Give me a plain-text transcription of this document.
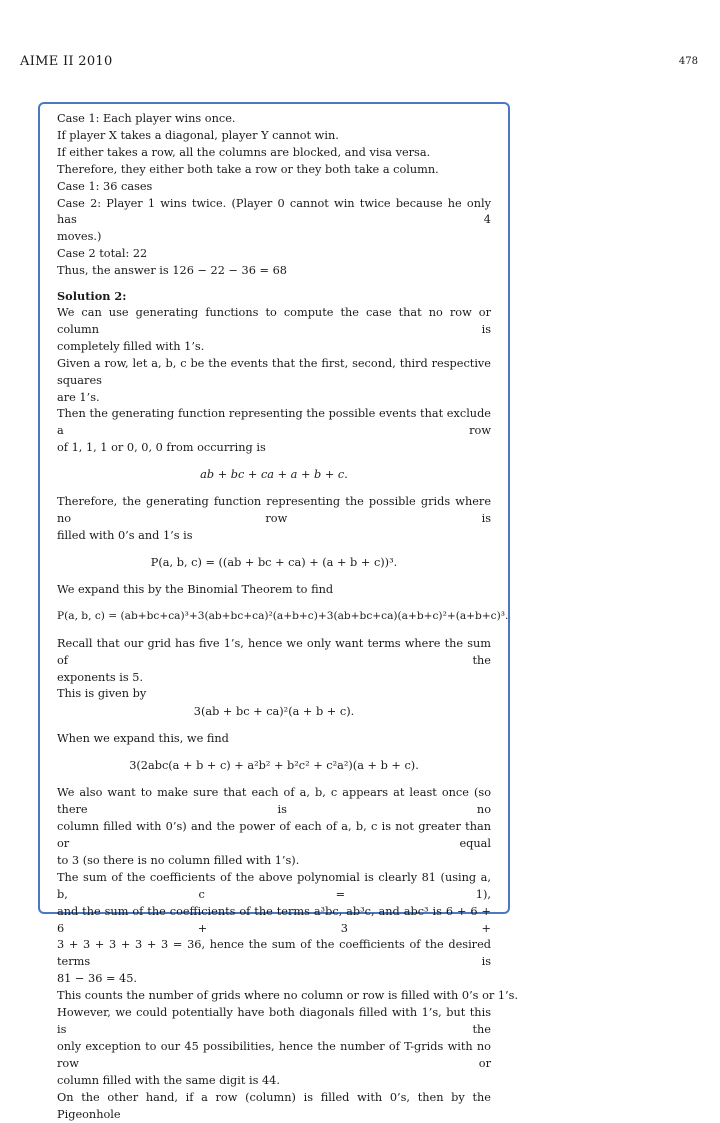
AIME II 2010	478
Case 1: Each player wins once.
If player X takes a diagonal, player Y cannot win.
If either takes a row, all the columns are blocked, and visa versa.
Therefore, they either both take a row or they both take a column.
Case 1: 36 cases
Case 2: Player 1 wins twice. (Player 0 cannot win twice because he only has 4
moves.)
Case 2 total: 22
Thus, the answer is 126 − 22 − 36 = 68
Solution 2:
We can use generating functions to compute the case that no row or column is
completely filled with 1’s.
Given a row, let a, b, c be the events that the first, second, third respective squares
are 1’s.
Then the generating function representing the possible events that exclude a row
of 1, 1, 1 or 0, 0, 0 from occurring is
ab + bc + ca + a + b + c.
Therefore, the generating function representing the possible grids where no row is
filled with 0’s and 1’s is
P(a, b, c) = ((ab + bc + ca) + (a + b + c))³.
We expand this by the Binomial Theorem to find
P(a, b, c) = (ab+bc+ca)³+3(ab+bc+ca)²(a+b+c)+3(ab+bc+ca)(a+b+c)²+(a+b+c)³.
Recall that our grid has five 1’s, hence we only want terms where the sum of the
exponents is 5.
This is given by
3(ab + bc + ca)²(a + b + c).
When we expand this, we find
3(2abc(a + b + c) + a²b² + b²c² + c²a²)(a + b + c).
We also want to make sure that each of a, b, c appears at least once (so there is no
column filled with 0’s) and the power of each of a, b, c is not greater than or equal
to 3 (so there is no column filled with 1’s).
The sum of the coefficients of the above polynomial is clearly 81 (using a, b, c = 1),
and the sum of the coefficients of the terms a³bc, ab³c, and abc³ is 6 + 6 + 6 + 3 +
3 + 3 + 3 + 3 + 3 = 36, hence the sum of the coefficients of the desired terms is
81 − 36 = 45.
This counts the number of grids where no column or row is filled with 0’s or 1’s.
However, we could potentially have both diagonals filled with 1’s, but this is the
only exception to our 45 possibilities, hence the number of T-grids with no row or
column filled with the same digit is 44.
On the other hand, if a row (column) is filled with 0’s, then by the Pigeonhole
